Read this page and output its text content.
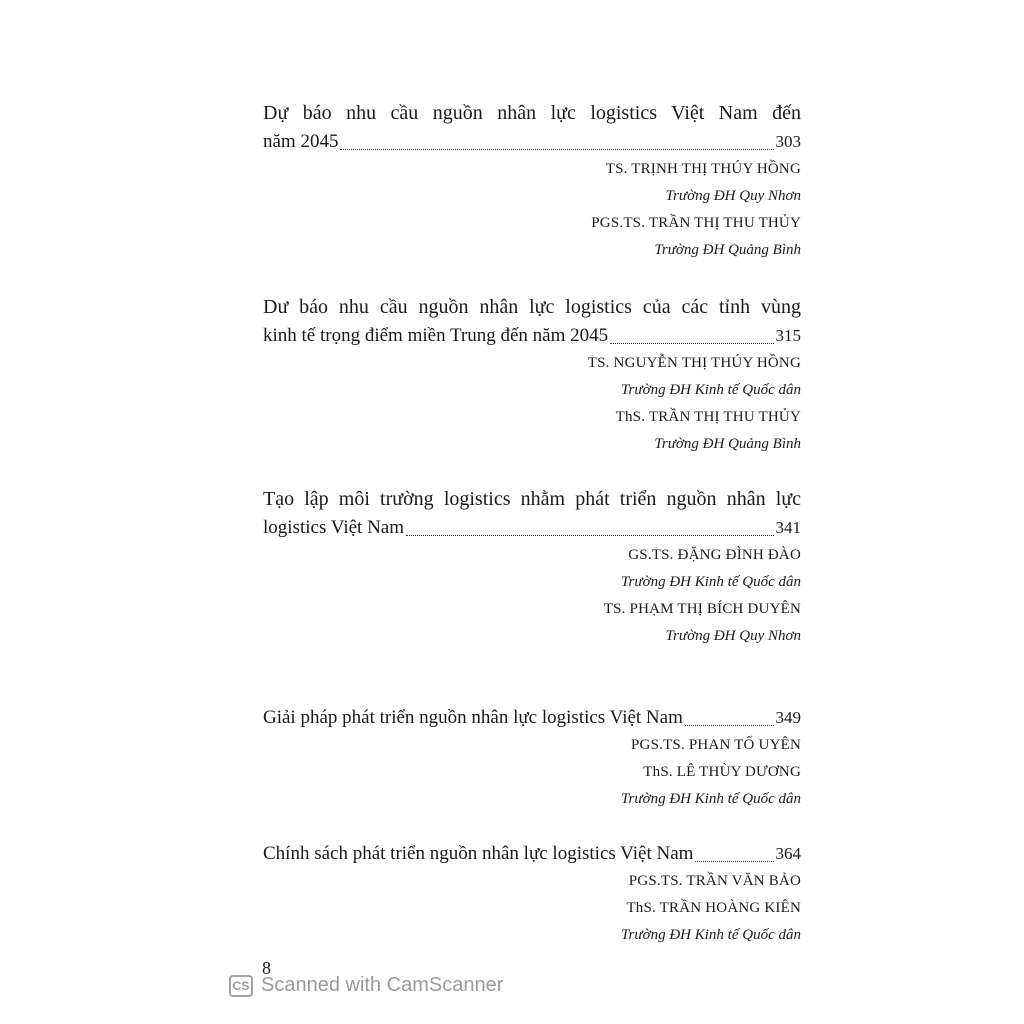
Dự báo nhu cầu nguồn nhân lực logistics Việt Nam đến
năm 2045	303
TS. TRỊNH THỊ THÚY HỒNG
Trường ĐH Quy Nhơn
PGS.TS. TRẦN THỊ THU THỦY
Trường ĐH Quảng Bình
Dư báo nhu cầu nguồn nhân lực logistics của các tỉnh vùng
kinh tế trọng điểm miền Trung đến năm 2045	315
TS. NGUYỄN THỊ THÚY HỒNG
Trường ĐH Kinh tế Quốc dân
ThS. TRẦN THỊ THU THỦY
Trường ĐH Quảng Bình
Tạo lập môi trường logistics nhằm phát triển nguồn nhân lực
logistics Việt Nam	341
GS.TS. ĐẶNG ĐÌNH ĐÀO
Trường ĐH Kinh tế Quốc dân
TS. PHẠM THỊ BÍCH DUYÊN
Trường ĐH Quy Nhơn
Giải pháp phát triển nguồn nhân lực logistics Việt Nam	349
PGS.TS. PHAN TỐ UYÊN
ThS. LÊ THÙY DƯƠNG
Trường ĐH Kinh tế Quốc dân
Chính sách phát triển nguồn nhân lực logistics Việt Nam	364
PGS.TS. TRẦN VĂN BẢO
ThS. TRẦN HOÀNG KIÊN
Trường ĐH Kinh tế Quốc dân
8
CS Scanned with CamScanner
